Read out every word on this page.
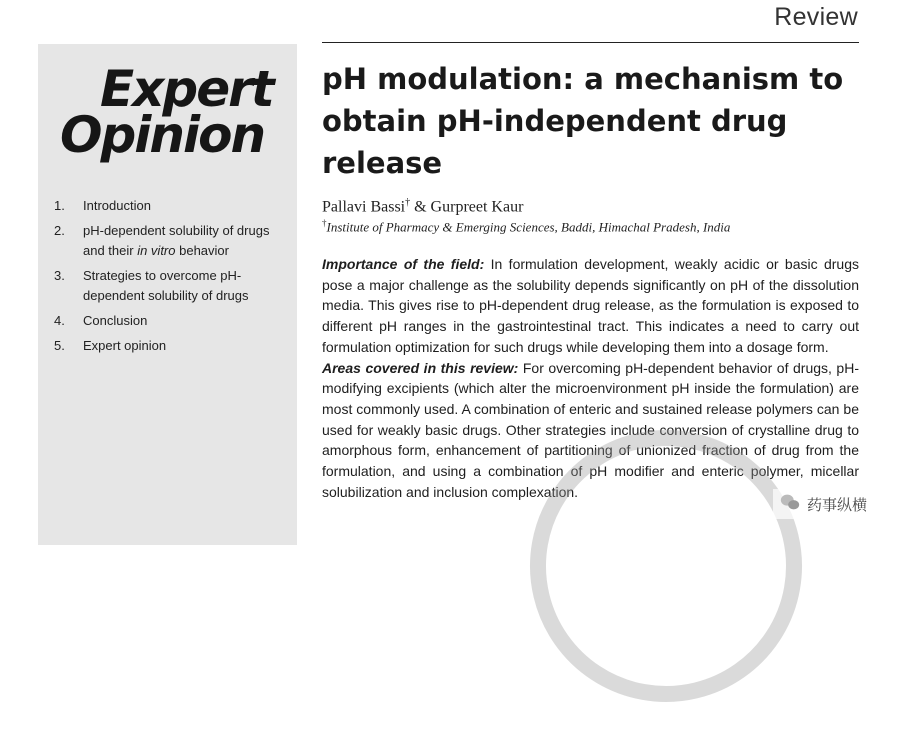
Review
Expert
Opinion
1.	Introduction
2.	pH-dependent solubility of drugs and their in vitro behavior
3.	Strategies to overcome pH-dependent solubility of drugs
4.	Conclusion
5.	Expert opinion
pH modulation: a mechanism to obtain pH-independent drug release
Pallavi Bassi† & Gurpreet Kaur
†Institute of Pharmacy & Emerging Sciences, Baddi, Himachal Pradesh, India

Importance of the field: In formulation development, weakly acidic or basic drugs pose a major challenge as the solubility depends significantly on pH of the dissolution media. This gives rise to pH-dependent drug release, as the formulation is exposed to different pH ranges in the gastrointestinal tract. This indicates a need to carry out formulation optimization for such drugs while developing them into a dosage form.

Areas covered in this review: For overcoming pH-dependent behavior of drugs, pH-modifying excipients (which alter the microenvironment pH inside the formulation) are most commonly used. A combination of enteric and sustained release polymers can be used for weakly basic drugs. Other strategies include conversion of crystalline drug to amorphous form, enhancement of partitioning of unionized fraction of drug from the formulation, and using a combination of pH modifier and enteric polymer, micellar solubilization and inclusion complexation.

药事纵横
